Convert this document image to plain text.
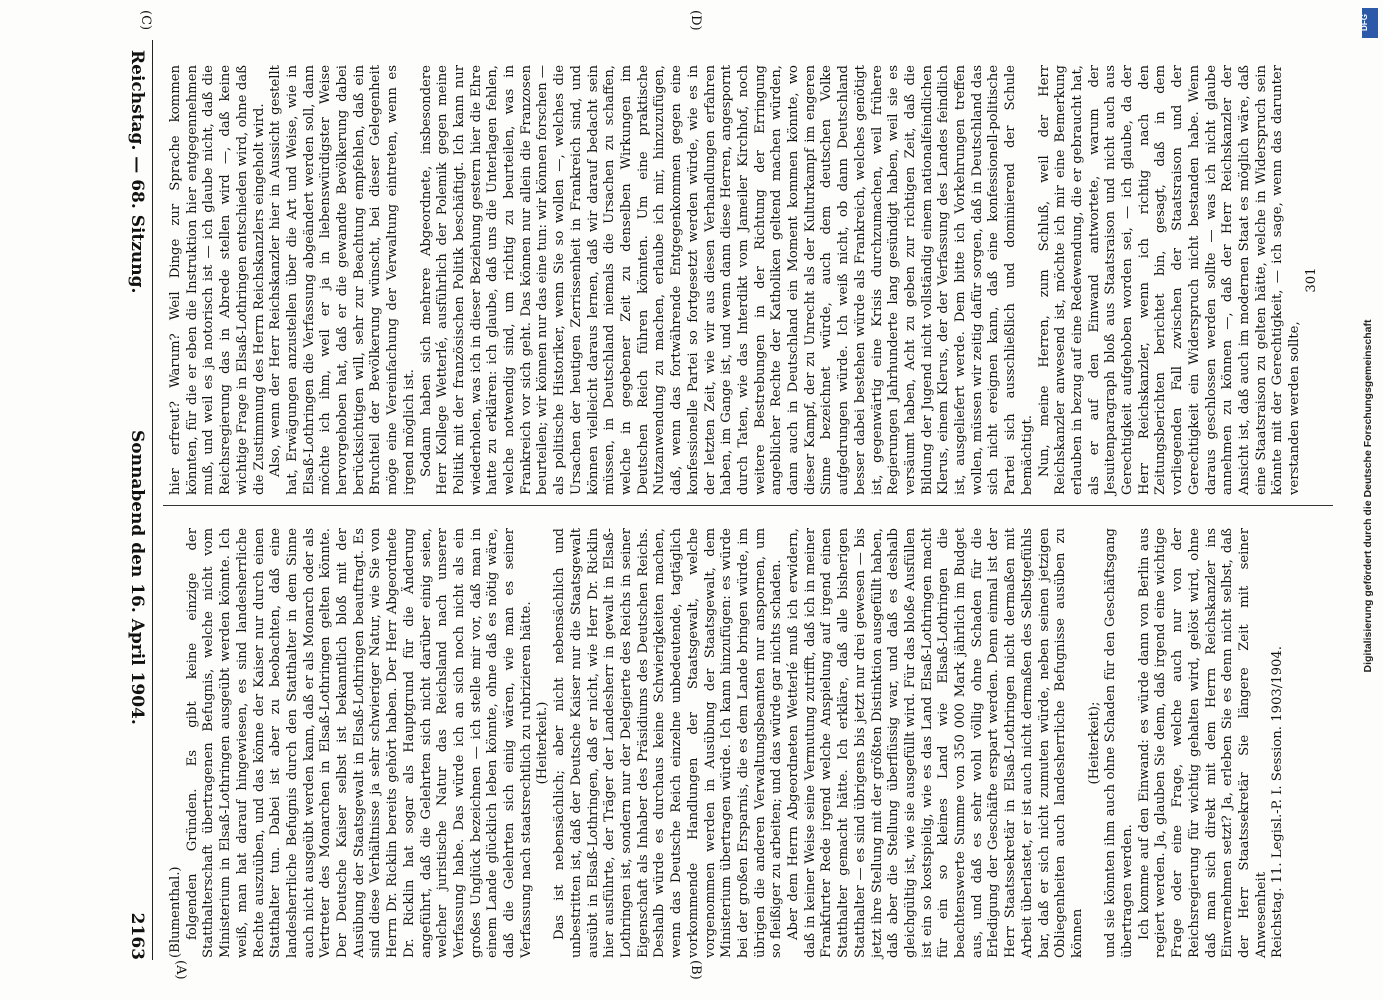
Reichstag. — 68. Sitzung.
Sonnabend den 16. April 1904.
2163 (Blumenthal.) folgenden Gründen. Es gibt keine einzige der Statthalterschaft übertragenen Befugnis, welche nicht vom Ministerium in Elsaß-Lothringen ausgeübt werden könnte. Ich weiß, man hat darauf hingewiesen, es sind landesherrliche Rechte auszuüben, und das könne der Kaiser nur durch einen Statthalter tun. Dabei ist aber zu beobachten, daß eine landesherrliche Befugnis durch den Statthalter in dem Sinne auch nicht ausgeübt werden kann, daß er als Monarch oder als Vertreter des Monarchen in Elsaß-Lothringen gelten könnte. Der Deutsche Kaiser selbst ist bekanntlich bloß mit der Ausübung der Staatsgewalt in Elsaß-Lothringen beauftragt. Es sind diese Verhältnisse ja sehr schwieriger Natur, wie Sie von Herrn Dr. Ricklin bereits gehört haben. Der Herr Abgeordnete Dr. Ricklin hat sogar als Hauptgrund für die Änderung angeführt, daß die Gelehrten sich nicht darüber einig seien, welcher juristische Natur das Reichsland nach unserer Verfassung habe. Das würde ich an sich noch nicht als ein großes Unglück bezeichnen — ich stelle mir vor, daß man in einem Lande glücklich leben könnte, ohne daß es nötig wäre, daß die Gelehrten sich einig wären, wie man es seiner Verfassung nach staatsrechtlich zu rubrizieren hätte. (Heiterkeit.) Das ist nebensächlich; aber nicht nebensächlich und unbestritten ist, daß der Deutsche Kaiser nur die Staatsgewalt ausübt in Elsaß-Lothringen, daß er nicht, wie Herr Dr. Ricklin hier ausführte, der Träger der Landesherr in gewalt in Elsaß-Lothringen ist, sondern nur der Delegierte des Reichs in seiner Eigenschaft als Inhaber des Präsidiums des Deutschen Reichs. Deshalb würde es durchaus keine Schwierigkeiten machen, wenn das Deutsche Reich einzelne unbedeutende, tagtäglich vorkommende Handlungen der Staatsgewalt, welche vorgenommen werden in Ausübung der Staatsgewalt, dem Ministerium übertragen würde. Ich kann hinzufügen: es würde bei der großen Ersparnis, die es dem Lande bringen würde, im übrigen die anderen Verwaltungsbeamten nur anspornen, um so fleißiger zu arbeiten; und das würde gar nichts schaden. Aber dem Herrn Abgeordneten Wetterlé muß ich erwidern, daß in keiner Weise seine Vermutung zutrifft, daß ich in meiner Frankfurter Rede irgend welche Anspielung auf irgend einen Statthalter gemacht hätte. Ich erkläre, daß alle bisherigen Statthalter — es sind übrigens bis jetzt nur drei gewesen — bis jetzt ihre Stellung mit der größten Distinktion ausgefüllt haben, daß aber die Stellung überflüssig war, und daß es deshalb gleichgültig ist, wie sie ausgefüllt wird. Für das bloße Ausfüllen ist ein so kostspielig, wie es das Land Elsaß-Lothringen macht für ein so kleines Land wie Elsaß-Lothringen die beachtenswerte Summe von 350 000 Mark jährlich im Budget aus, und daß es sehr wohl völlig ohne Schaden für die Erledigung der Geschäfte erspart werden. Denn einmal ist der Herr Staatssekretär in Elsaß-Lothringen nicht dermaßen mit Arbeit überlastet, er ist auch nicht dermaßen des Selbstgefühls bar, daß er sich nicht zumuten würde, neben seinen jetzigen Obliegenheiten auch landesherrliche Befugnisse ausüben zu können

(Heiterkeit); und sie könnten ihm auch ohne Schaden für den Geschäftsgang übertragen werden. Ich komme auf den Einwand: es würde dann von Berlin aus regiert werden. Ja, glauben Sie denn, daß irgend eine wichtige Frage oder eine Frage, welche auch nur von der Reichsregierung für wichtig gehalten wird, gelöst wird, ohne daß man sich direkt mit dem Herrn Reichskanzler ins Einvernehmen setzt? Ja, erleben Sie es denn nicht selbst, daß der Herr Staatssekretär Sie längere Zeit mit seiner Anwesenheit Reichstag. 11. Legisl.-P. I. Session. 1903/1904.

hier erfreut? Warum? Weil Dinge zur Sprache kommen könnten, für die er eben die Instruktion hier entgegennehmen muß, und weil es ja notorisch ist — ich glaube nicht, daß die Reichsregierung das in Abrede stellen wird —, daß keine wichtige Frage in Elsaß-Lothringen entschieden wird, ohne daß die Zustimmung des Herrn Reichskanzlers eingeholt wird. Also, wenn der Herr Reichskanzler hier in Aussicht gestellt hat, Erwägungen anzustellen über die Art und Weise, wie in Elsaß-Lothringen die Verfassung abgeändert werden soll, dann möchte ich ihm, weil er ja in liebenswürdigster Weise hervorgehoben hat, daß er die gewandte Bevölkerung dabei berücksichtigen will, sehr zur Beachtung empfehlen, daß ein Bruchteil der Bevölkerung wünscht, bei dieser Gelegenheit möge eine Vereinfachung der Verwaltung eintreten, wenn es irgend möglich ist. Sodann haben sich mehrere Abgeordnete, insbesondere Herr Kollege Wetterlé, ausführlich der Polemik gegen meine Politik mit der französischen Politik beschäftigt. Ich kann nur wiederholen, was ich in dieser Beziehung gestern hier die Ehre hatte zu erklären: ich glaube, daß uns die Unterlagen fehlen, welche notwendig sind, um richtig zu beurteilen, was in Frankreich vor sich geht. Das können nur allein die Franzosen beurteilen; wir können nur das eine tun: wir können forschen — als politische Historiker, wenn Sie so wollen —, welches die Ursachen der heutigen Zerrissenheit in Frankreich sind, und können vielleicht daraus lernen, daß wir darauf bedacht sein müssen, in Deutschland niemals die Ursachen zu schaffen, welche in gegebener Zeit zu denselben Wirkungen im Deutschen Reich führen könnten. Um eine praktische Nutzanwendung zu machen, erlaube ich mir, hinzuzufügen, daß, wenn das fortwährende Entgegenkommen gegen eine konfessionelle Partei so fortgesetzt werden würde, wie es in der letzten Zeit, wie wir aus diesen Verhandlungen erfahren haben, im Gange ist, und wenn dann diese Herren, angespornt durch Taten, wie das Interdikt vom Jameiler Kirchhof, noch weitere Bestrebungen in der Richtung der Erringung angeblicher Rechte der Katholiken geltend machen würden, dann auch in Deutschland ein Moment kommen könnte, wo dieser Kampf, der zu Unrecht als der Kulturkampf im engeren Sinne bezeichnet würde, auch dem deutschen Volke aufgedrungen würde. Ich weiß nicht, ob dann Deutschland besser dabei bestehen würde als Frankreich, welches genötigt ist, gegenwärtig eine Krisis durchzumachen, weil frühere Regierungen Jahrhunderte lang gesündigt haben, weil sie es versäumt haben, Acht zu geben zur richtigen Zeit, daß die Bildung der Jugend nicht vollständig einem nationalfeindlichen Klerus, einem Klerus, der der Verfassung des Landes feindlich ist, ausgeliefert werde. Dem bitte ich Vorkehrungen treffen wollen, müssen wir zeitig dafür sorgen, daß in Deutschland das sich nicht ereignen kann, daß eine konfessionell-politische Partei sich ausschließlich und dominierend der Schule bemächtigt. Nun, meine Herren, zum Schluß, weil der Herr Reichskanzler anwesend ist, möchte ich mir eine Bemerkung erlauben in bezug auf eine Redewendung, die er gebraucht hat, als er auf den Einwand antwortete, warum der Jesuitenparagraph bloß aus Staatsraison und nicht auch aus Gerechtigkeit aufgehoben worden sei, — ich glaube, da der Herr Reichskanzler, wenn ich richtig nach den Zeitungsberichten berichtet bin, gesagt, daß in dem vorliegenden Fall zwischen der Staatsraison und der Gerechtigkeit ein Widerspruch nicht bestanden habe. Wenn daraus geschlossen werden sollte — was ich nicht glaube annehmen zu können —, daß der Herr Reichskanzler der Ansicht ist, daß auch im modernen Staat es möglich wäre, daß eine Staatsraison zu gelten hätte, welche in Widerspruch sein könnte mit der Gerechtigkeit, — ich sage, wenn das darunter verstanden werden sollte,

301

(A)	(B)
(C)	(D)
Digitalisierung gefördert durch die Deutsche Forschungsgemeinschaft
DFG
